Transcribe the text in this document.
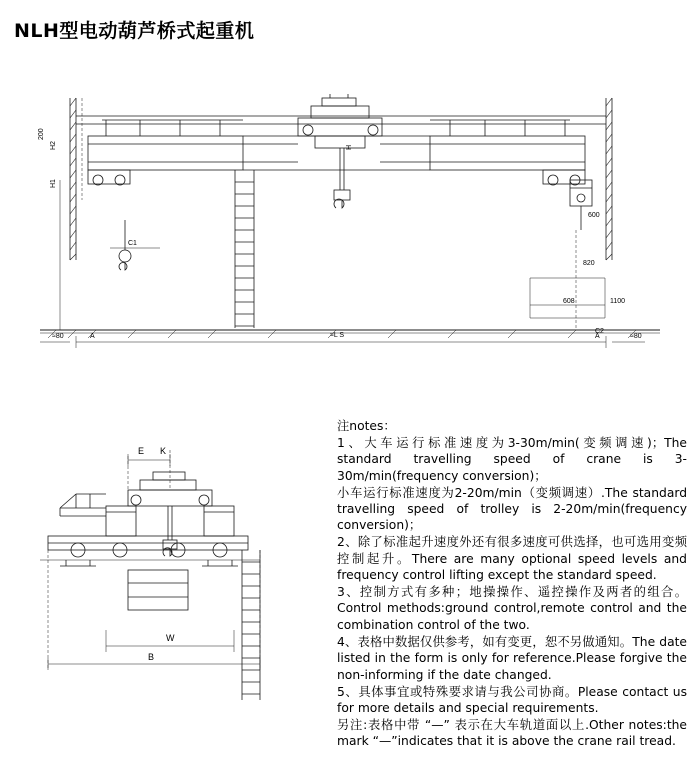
NLH型电动葫芦桥式起重机
200
H2
H1
C1
H
600
820
608	1100
C2
≈80	≈80
A	A
≈L S
E K
W
B
注notes：
1、大车运行标准速度为3-30m/min(变频调速)；The standard travelling speed of crane is 3-30m/min(frequency conversion)；
小车运行标准速度为2-20m/min（变频调速）.The standard travelling speed of trolley is 2-20m/min(frequency conversion)；
2、除了标准起升速度外还有很多速度可供选择，也可选用变频控制起升。There are many optional speed levels and frequency control lifting except the standard speed.
3、控制方式有多种；地操操作、遥控操作及两者的组合。Control methods:ground control,remote control and the combination control of the two.
4、表格中数据仅供参考，如有变更，恕不另做通知。The date listed in the form is only for reference.Please forgive the non-informing if the date changed.
5、具体事宜或特殊要求请与我公司协商。Please contact us for more details and special requirements.
另注:表格中带 “—” 表示在大车轨道面以上.Other notes:the mark “—”indicates that it is above the crane rail tread.
